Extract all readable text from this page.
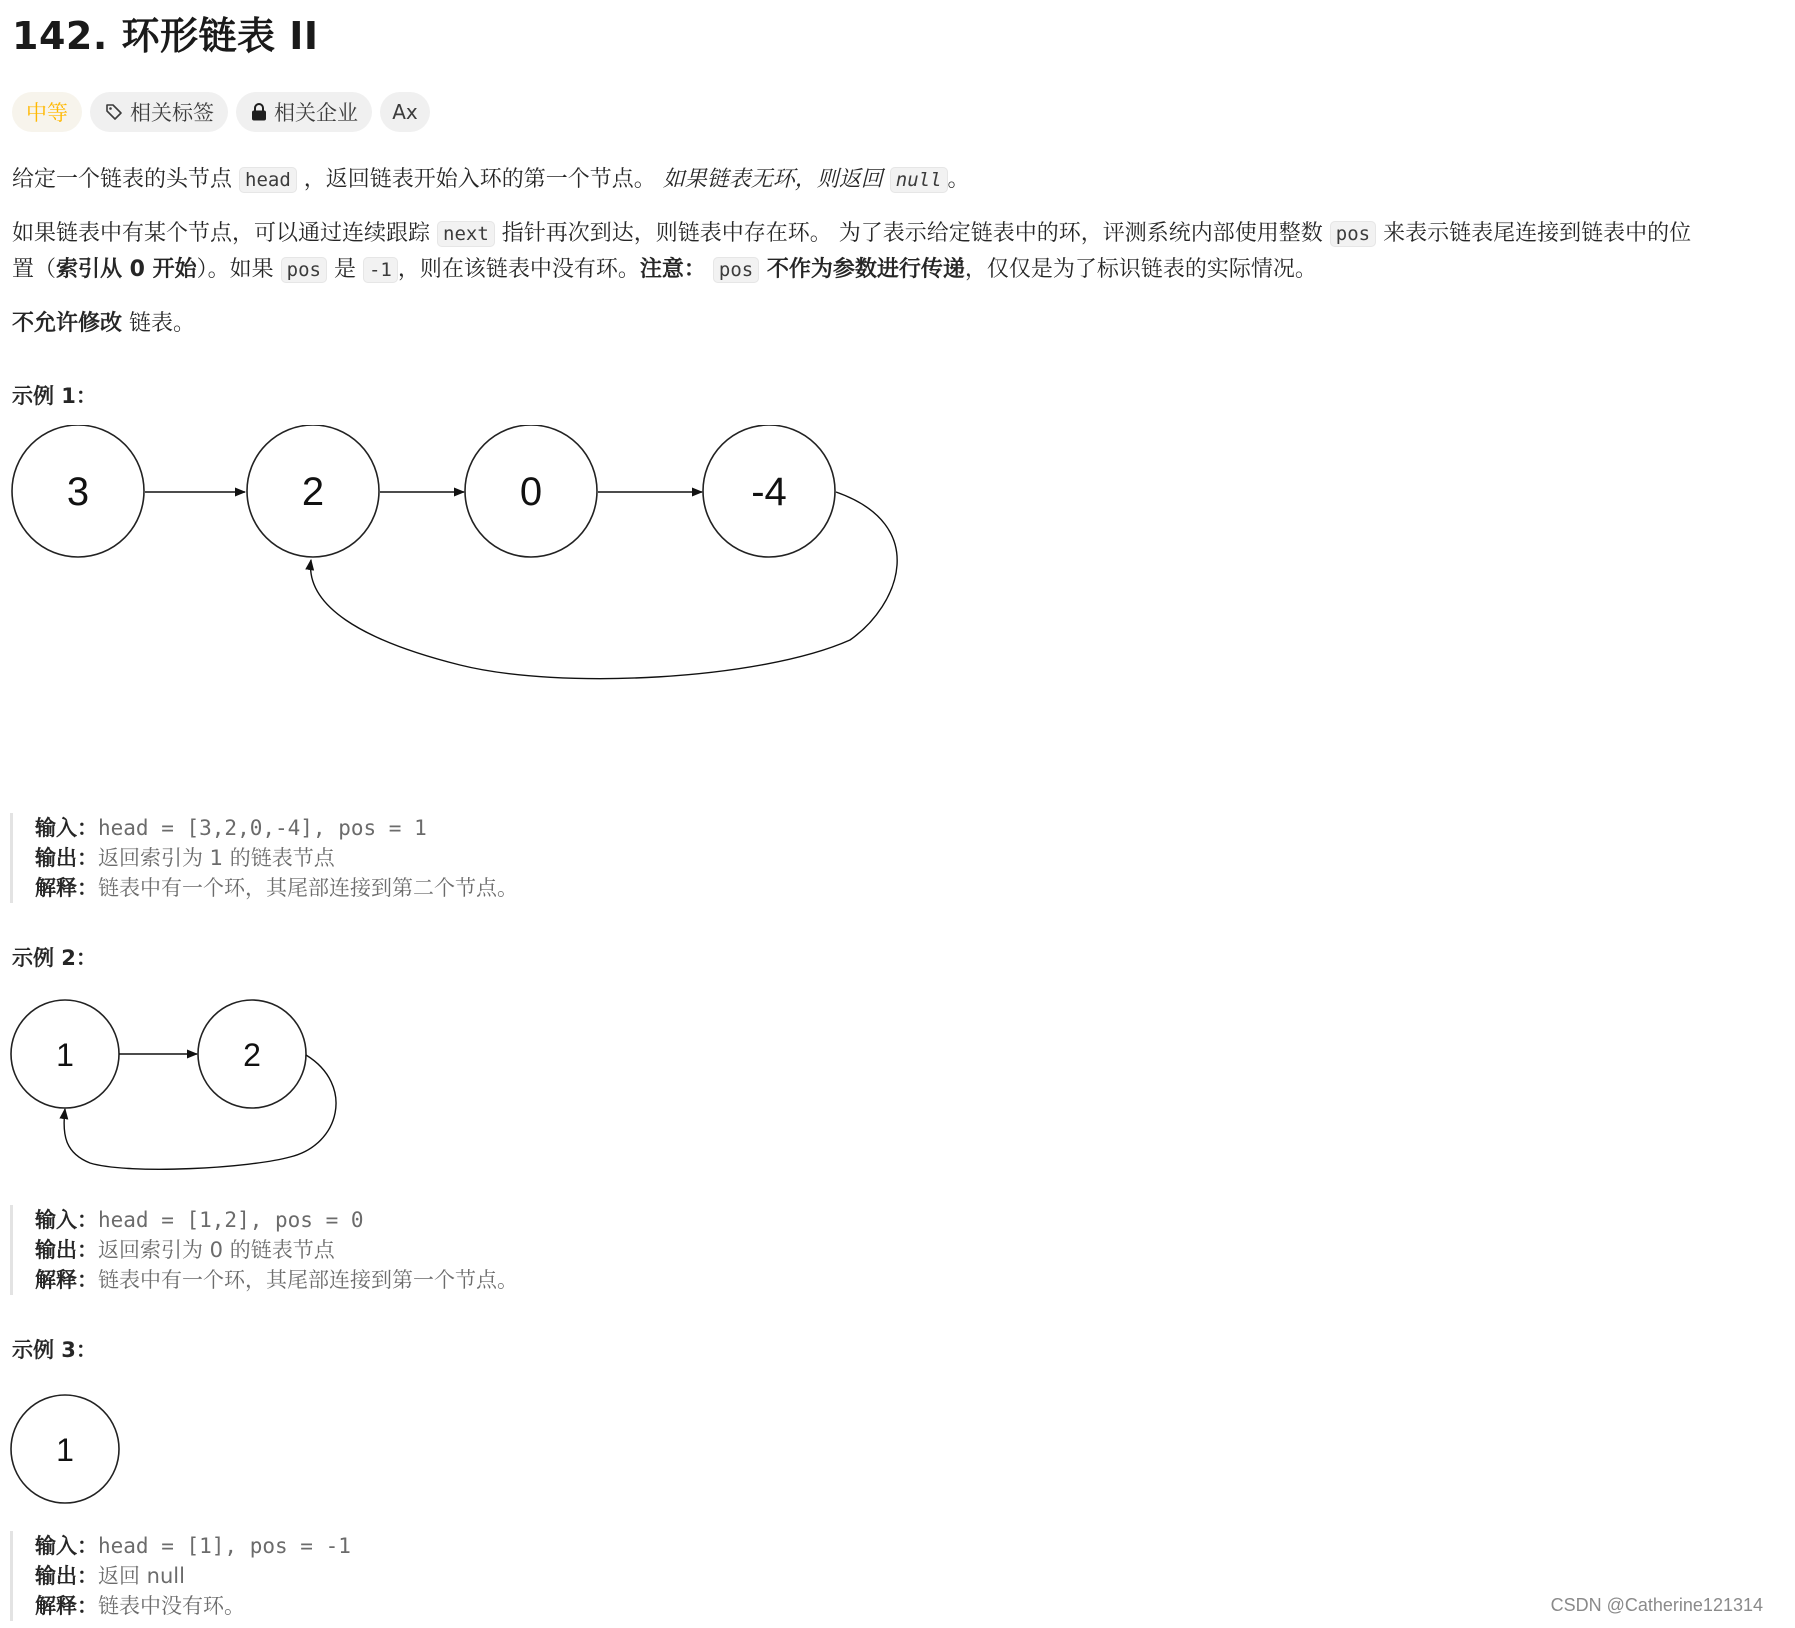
142. 环形链表 II
中等	相关标签	相关企业 Ax

给定一个链表的头节点 head ，返回链表开始入环的第一个节点。 如果链表无环，则返回 null 。

如果链表中有某个节点，可以通过连续跟踪 next 指针再次到达，则链表中存在环。 为了表示给定链表中的环，评测系统内部使用整数 pos 来表示链表尾连接到链表中的位
置（索引从 0 开始）。如果 pos 是 -1 ，则在该链表中没有环。注意： pos 不作为参数进行传递，仅仅是为了标识链表的实际情况。

不允许修改 链表。

示例 1：
3	2	0	-4
输入：head = [3,2,0,-4], pos = 1
输出：返回索引为 1 的链表节点
解释：链表中有一个环，其尾部连接到第二个节点。
示例 2：
1	2
输入：head = [1,2], pos = 0
输出：返回索引为 0 的链表节点
解释：链表中有一个环，其尾部连接到第一个节点。
示例 3：
1
输入：head = [1], pos = -1
输出：返回 null
解释：链表中没有环。	CSDN @Catherine121314
